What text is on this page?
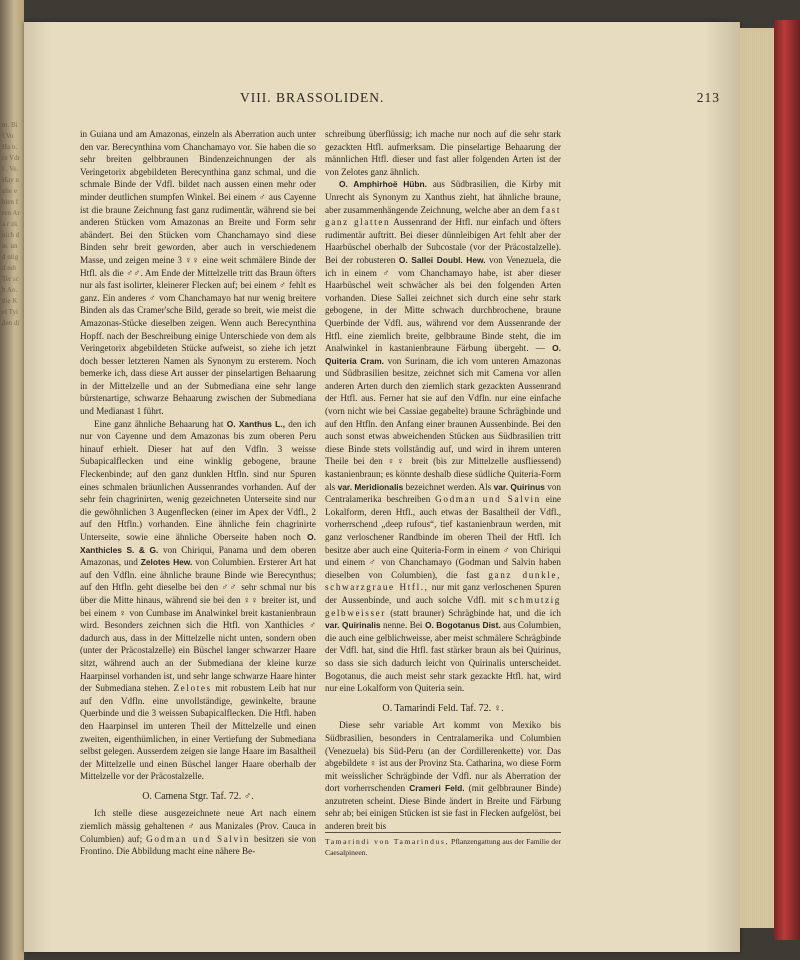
m. Bil.Vo Ha n. re Vdrl . Ve. Hay nzlie ehien fren Ara r zk nich die, und ntigd ndt Ter sch Ao. die Kel Tyi den di
VIII. BRASSOLIDEN.	213

in Guiana und am Amazonas, einzeln als Aberration auch unter den var. Berecynthina vom Chanchamayo vor. Sie haben die so sehr breiten gelbbraunen Bindenzeichnungen der als Veringetorix abgebildeten Berecynthina ganz schmal, und die schmale Binde der Vdfl. bildet nach aussen einen mehr oder minder deutlichen stumpfen Winkel. Bei einem ♂ aus Cayenne ist die braune Zeichnung fast ganz rudimentär, während sie bei anderen Stücken vom Amazonas an Breite und Form sehr abändert. Bei den Stücken vom Chanchamayo sind diese Binden sehr breit geworden, aber auch in verschiedenem Masse, und zeigen meine 3 ♀♀ eine weit schmälere Binde der Htfl. als die ♂♂. Am Ende der Mittelzelle tritt das Braun öfters nur als fast isolirter, kleinerer Flecken auf; bei einem ♂ fehlt es ganz. Ein anderes ♂ vom Chanchamayo hat nur wenig breitere Binden als das Cramer'sche Bild, gerade so breit, wie meist die Amazonas-Stücke dieselben zeigen. Wenn auch Berecynthina Hopff. nach der Beschreibung einige Unterschiede von dem als Veringetorix abgebildeten Stücke aufweist, so ziehe ich jetzt doch besser letzteren Namen als Synonym zu ersterem. Noch bemerke ich, dass diese Art ausser der pinselartigen Behaarung in der Mittelzelle und an der Submediana eine sehr lange bürstenartige, schwarze Behaarung zwischen der Submediana und Medianast 1 führt.

Eine ganz ähnliche Behaarung hat O. Xanthus L., den ich nur von Cayenne und dem Amazonas bis zum oberen Peru hinauf erhielt. Dieser hat auf den Vdfln. 3 weisse Subapicalflecken und eine winklig gebogene, braune Fleckenbinde; auf den ganz dunklen Htfln. sind nur Spuren eines schmalen bräunlichen Aussenrandes vorhanden. Auf der sehr fein chagrinirten, wenig gezeichneten Unterseite sind nur die gewöhnlichen 3 Augenflecken (einer im Apex der Vdfl., 2 auf den Htfln.) vorhanden. Eine ähnliche fein chagrinirte Unterseite, sowie eine ähnliche Oberseite haben noch O. Xanthicles S. & G. von Chiriqui, Panama und dem oberen Amazonas, und Zelotes Hew. von Columbien. Ersterer Art hat auf den Vdfln. eine ähnliche braune Binde wie Berecynthus; auf den Htfln. geht dieselbe bei den ♂♂ sehr schmal nur bis über die Mitte hinaus, während sie bei den ♀♀ breiter ist, und bei einem ♀ von Cumbase im Analwinkel breit kastanienbraun wird. Besonders zeichnen sich die Htfl. von Xanthicles ♂ dadurch aus, dass in der Mittelzelle nicht unten, sondern oben (unter der Präcostalzelle) ein Büschel langer schwarzer Haare sitzt, während auch an der Submediana der kleine kurze Haarpinsel vorhanden ist, und sehr lange schwarze Haare hinter der Submediana stehen. Zelotes mit robustem Leib hat nur auf den Vdfln. eine unvollständige, gewinkelte, braune Querbinde und die 3 weissen Subapicalflecken. Die Htfl. haben den Haarpinsel im unteren Theil der Mittelzelle und einen zweiten, eigenthümlichen, in einer Vertiefung der Submediana selbst gelegen. Ausserdem zeigen sie lange Haare im Basaltheil der Mittelzelle und einen Büschel langer Haare oberhalb der Mittelzelle vor der Präcostalzelle.

O. Camena Stgr. Taf. 72. ♂.

Ich stelle diese ausgezeichnete neue Art nach einem ziemlich mässig gehaltenen ♂ aus Manizales (Prov. Cauca in Columbien) auf; Godman und Salvin besitzen sie von Frontino. Die Abbildung macht eine nähere Be-

schreibung überflüssig; ich mache nur noch auf die sehr stark gezackten Htfl. aufmerksam. Die pinselartige Behaarung der männlichen Htfl. dieser und fast aller folgenden Arten ist der von Zelotes ganz ähnlich.

O. Amphirhoë Hübn. aus Südbrasilien, die Kirby mit Unrecht als Synonym zu Xanthus zieht, hat ähnliche braune, aber zusammenhängende Zeichnung, welche aber an dem fast ganz glatten Aussenrand der Htfl. nur einfach und öfters rudimentär auftritt. Bei dieser dünnleibigen Art fehlt aber der Haarbüschel oberhalb der Subcostale (vor der Präcostalzelle). Bei der robusteren O. Sallei Doubl. Hew. von Venezuela, die ich in einem ♂ vom Chanchamayo habe, ist aber dieser Haarbüschel weit schwächer als bei den folgenden Arten vorhanden. Diese Sallei zeichnet sich durch eine sehr stark gebogene, in der Mitte schwach durchbrochene, braune Querbinde der Vdfl. aus, während vor dem Aussenrande der Htfl. eine ziemlich breite, gelbbraune Binde steht, die im Analwinkel in kastanienbraune Färbung übergeht. — O. Quiteria Cram. von Surinam, die ich vom unteren Amazonas und Südbrasilien besitze, zeichnet sich mit Camena vor allen anderen Arten durch den ziemlich stark gezackten Aussenrand der Htfl. aus. Ferner hat sie auf den Vdfln. nur eine einfache (vorn nicht wie bei Cassiae gegabelte) braune Schrägbinde und auf den Htfln. den Anfang einer braunen Aussenbinde. Bei den auch sonst etwas abweichenden Stücken aus Südbrasilien tritt diese Binde stets vollständig auf, und wird in ihrem unteren Theile bei den ♀♀ breit (bis zur Mittelzelle ausfliessend) kastanienbraun; es könnte deshalb diese südliche Quiteria-Form als var. Meridionalis bezeichnet werden. Als var. Quirinus von Centralamerika beschreiben Godman und Salvin eine Lokalform, deren Htfl., auch etwas der Basaltheil der Vdfl., vorherrschend „deep rufous“, tief kastanienbraun werden, mit ganz verloschener Randbinde im oberen Theil der Htfl. Ich besitze aber auch eine Quiteria-Form in einem ♂ von Chiriqui und einem ♂ von Chanchamayo (Godman und Salvin haben dieselben von Columbien), die fast ganz dunkle, schwarzgraue Htfl., nur mit ganz verloschenen Spuren der Aussenbinde, und auch solche Vdfl. mit schmutzig gelbweisser (statt brauner) Schrägbinde hat, und die ich var. Quirinalis nenne. Bei O. Bogotanus Dist. aus Columbien, die auch eine gelblichweisse, aber meist schmälere Schrägbinde der Vdfl. hat, sind die Htfl. fast stärker braun als bei Quirinus, so dass sie sich dadurch leicht von Quirinalis unterscheidet. Bogotanus, die auch meist sehr stark gezackte Htfl. hat, wird nur eine Lokalform von Quiteria sein.

O. Tamarindi Feld. Taf. 72. ♀.

Diese sehr variable Art kommt von Mexiko bis Südbrasilien, besonders in Centralamerika und Columbien (Venezuela) bis Süd-Peru (an der Cordillerenkette) vor. Das abgebildete ♀ ist aus der Provinz Sta. Catharina, wo diese Form mit weisslicher Schrägbinde der Vdfl. nur als Aberration der dort vorherrschenden Crameri Feld. (mit gelbbrauner Binde) anzutreten scheint. Diese Binde ändert in Breite und Färbung sehr ab; bei einigen Stücken ist sie fast in Flecken aufgelöst, bei anderen breit bis

Tamarindi von Tamarindus, Pflanzengattung aus der Familie der Caesalpineen.
